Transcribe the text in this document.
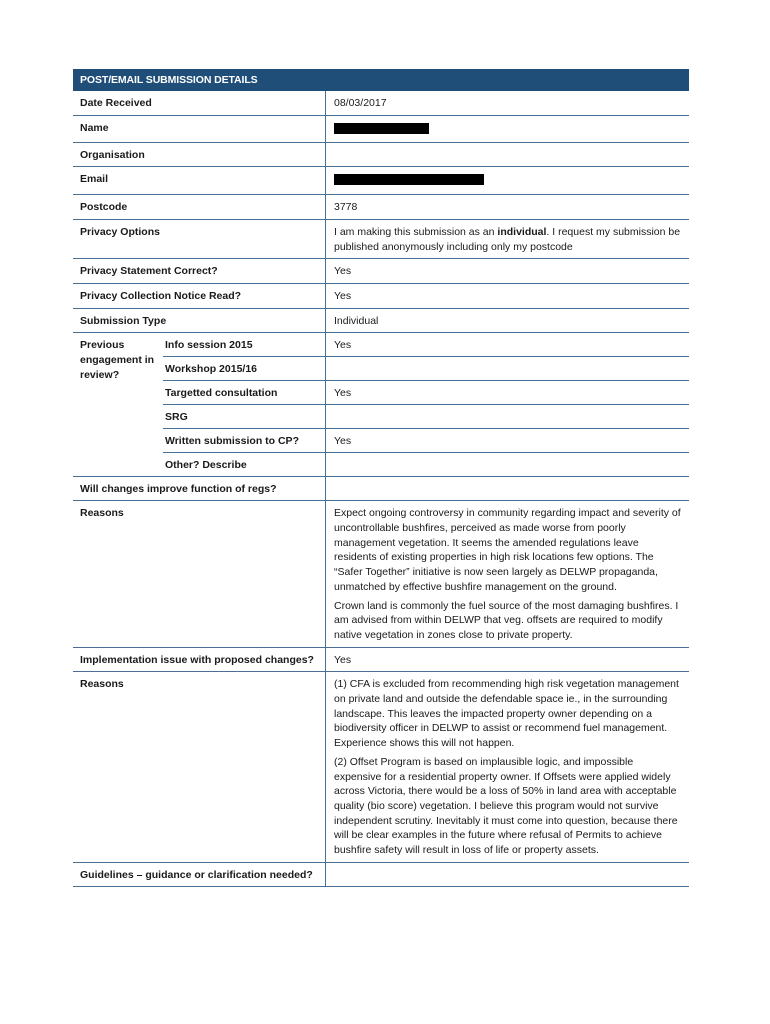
POST/EMAIL SUBMISSION DETAILS
Date Received	08/03/2017
Name
Organisation
Email
Postcode	3778
Privacy Options	I am making this submission as an individual. I request my submission be published anonymously including only my postcode
Privacy Statement Correct?	Yes
Privacy Collection Notice Read?	Yes
Submission Type	Individual
Previous engagement in review?
Info session 2015	Yes
Workshop 2015/16
Targetted consultation	Yes
SRG
Written submission to CP?	Yes
Other? Describe
Will changes improve function of regs?
Reasons	Expect ongoing controversy in community regarding impact and severity of uncontrollable bushfires, perceived as made worse from poorly management vegetation. It seems the amended regulations leave residents of existing properties in high risk locations few options. The “Safer Together” initiative is now seen largely as DELWP propaganda, unmatched by effective bushfire management on the ground.

Crown land is commonly the fuel source of the most damaging bushfires. I am advised from within DELWP that veg. offsets are required to modify native vegetation in zones close to private property.

Implementation issue with proposed changes?	Yes
Reasons	(1) CFA is excluded from recommending high risk vegetation management on private land and outside the defendable space ie., in the surrounding landscape. This leaves the impacted property owner depending on a biodiversity officer in DELWP to assist or recommend fuel management. Experience shows this will not happen.

(2) Offset Program is based on implausible logic, and impossible expensive for a residential property owner. If Offsets were applied widely across Victoria, there would be a loss of 50% in land area with acceptable quality (bio score) vegetation. I believe this program would not survive independent scrutiny. Inevitably it must come into question, because there will be clear examples in the future where refusal of Permits to achieve bushfire safety will result in loss of life or property assets.

Guidelines – guidance or clarification needed?
